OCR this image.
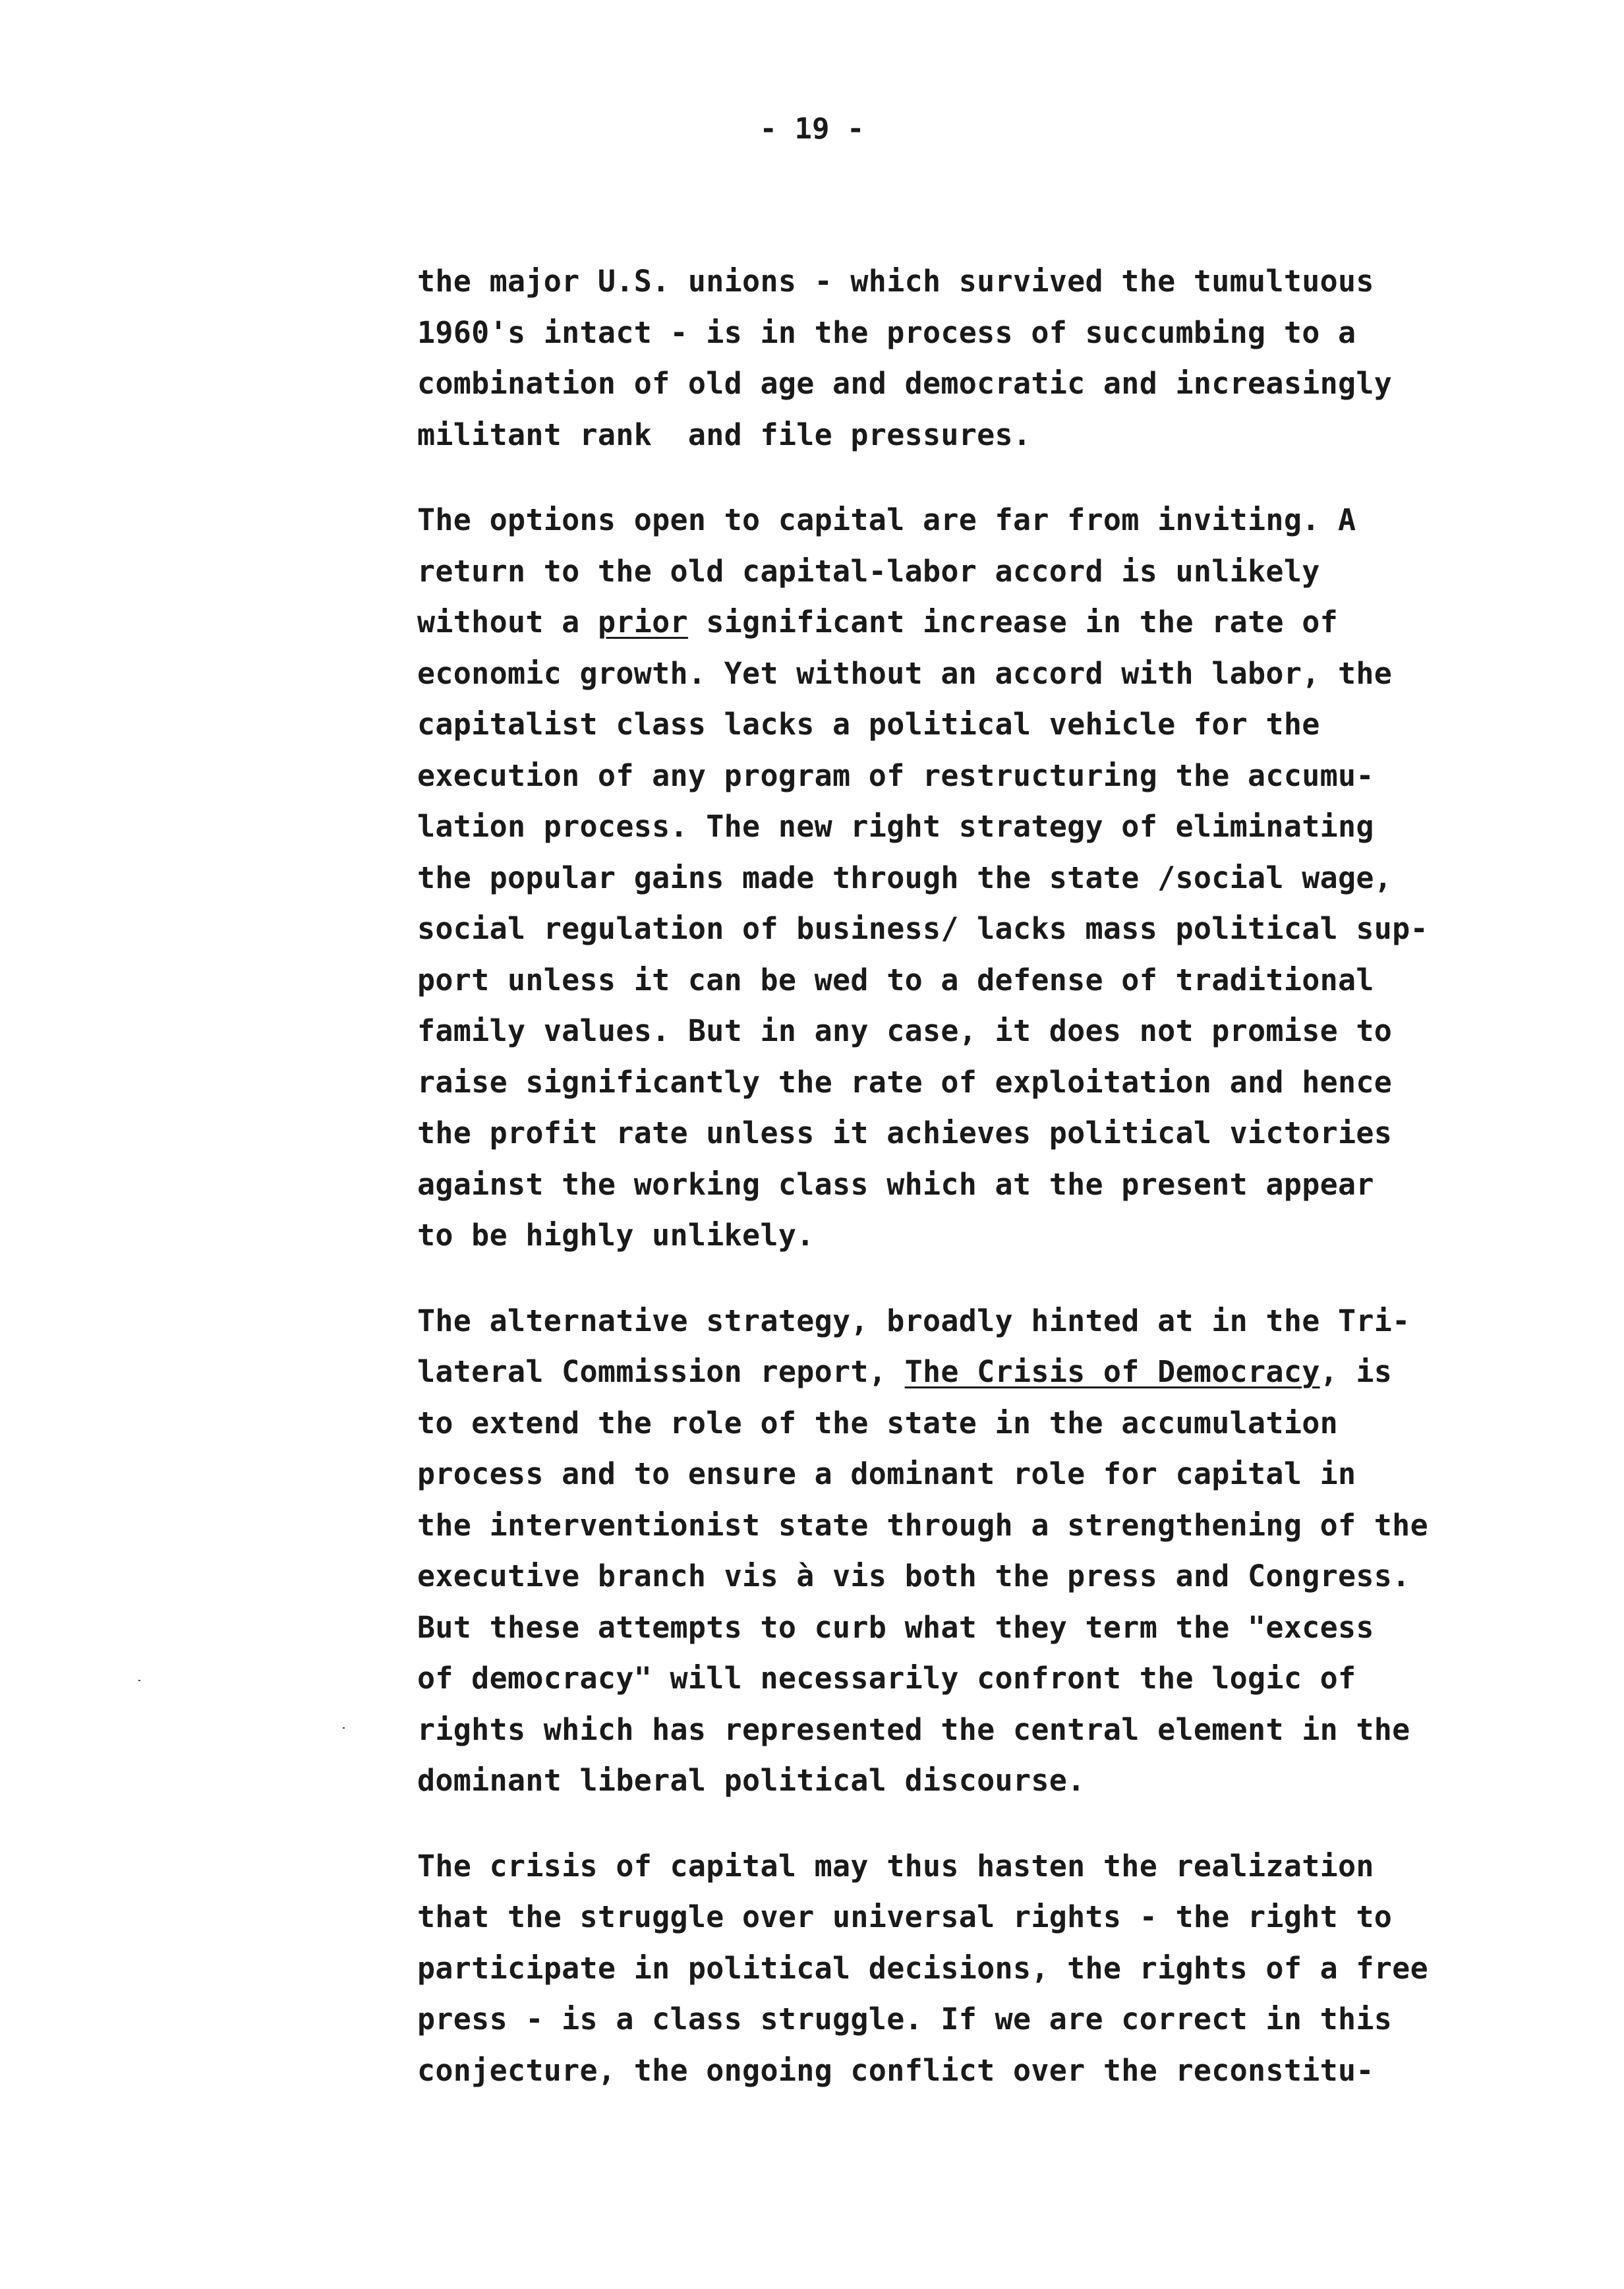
- 19 -
the major U.S. unions - which survived the tumultuous
1960's intact - is in the process of succumbing to a
combination of old age and democratic and increasingly
militant rank  and file pressures.
The options open to capital are far from inviting. A
return to the old capital-labor accord is unlikely
without a prior significant increase in the rate of
economic growth. Yet without an accord with labor, the
capitalist class lacks a political vehicle for the
execution of any program of restructuring the accumu-
lation process. The new right strategy of eliminating
the popular gains made through the state /social wage,
social regulation of business/ lacks mass political sup-
port unless it can be wed to a defense of traditional
family values. But in any case, it does not promise to
raise significantly the rate of exploitation and hence
the profit rate unless it achieves political victories
against the working class which at the present appear
to be highly unlikely.
The alternative strategy, broadly hinted at in the Tri-
lateral Commission report, The Crisis of Democracy, is
to extend the role of the state in the accumulation
process and to ensure a dominant role for capital in
the interventionist state through a strengthening of the
executive branch vis à vis both the press and Congress.
But these attempts to curb what they term the "excess
of democracy" will necessarily confront the logic of
rights which has represented the central element in the
dominant liberal political discourse.
The crisis of capital may thus hasten the realization
that the struggle over universal rights - the right to
participate in political decisions, the rights of a free
press - is a class struggle. If we are correct in this
conjecture, the ongoing conflict over the reconstitu-
